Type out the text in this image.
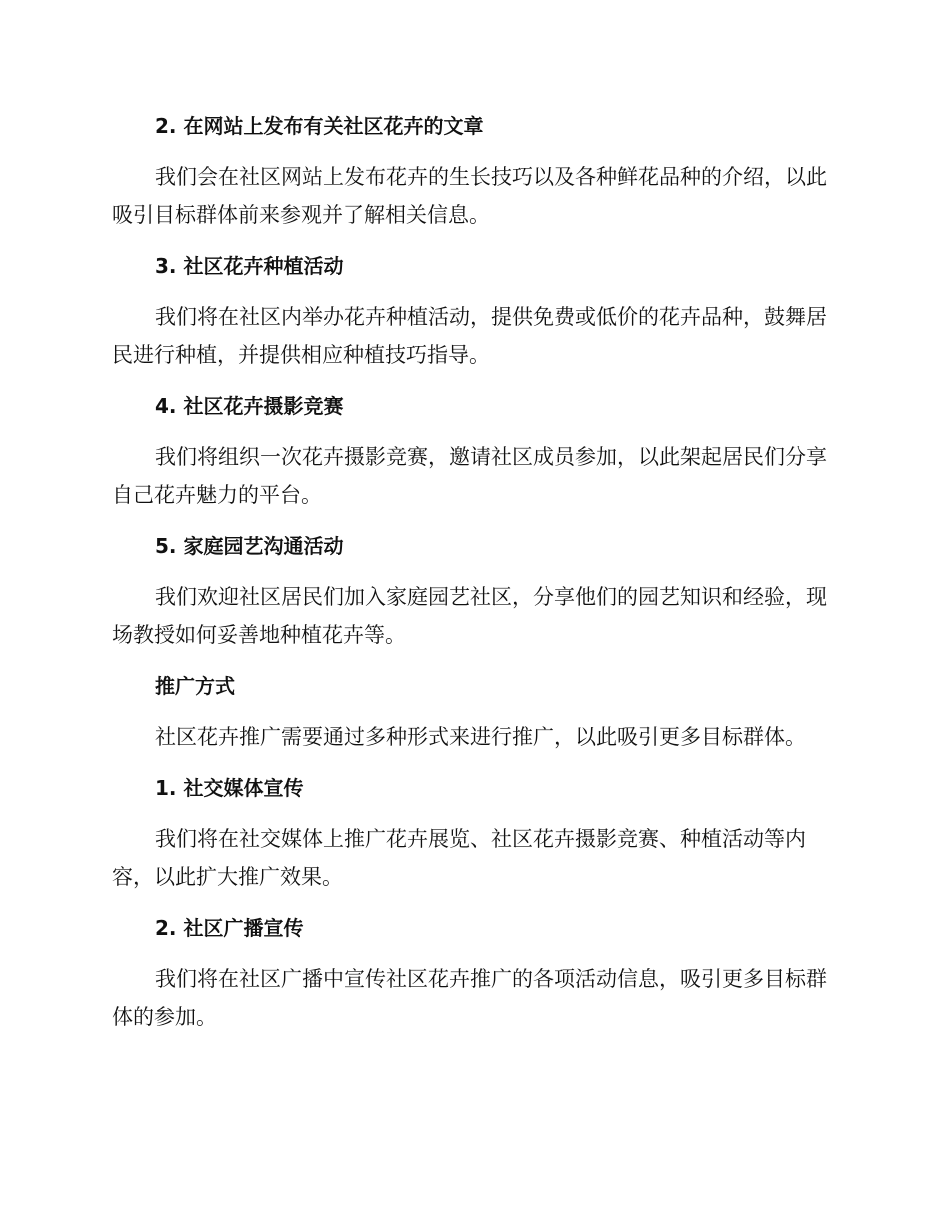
2. 在网站上发布有关社区花卉的文章

我们会在社区网站上发布花卉的生长技巧以及各种鲜花品种的介绍，以此吸引目标群体前来参观并了解相关信息。

3. 社区花卉种植活动

我们将在社区内举办花卉种植活动，提供免费或低价的花卉品种，鼓舞居民进行种植，并提供相应种植技巧指导。

4. 社区花卉摄影竞赛

我们将组织一次花卉摄影竞赛，邀请社区成员参加，以此架起居民们分享自己花卉魅力的平台。

5. 家庭园艺沟通活动

我们欢迎社区居民们加入家庭园艺社区，分享他们的园艺知识和经验，现场教授如何妥善地种植花卉等。

推广方式

社区花卉推广需要通过多种形式来进行推广，以此吸引更多目标群体。

1. 社交媒体宣传

我们将在社交媒体上推广花卉展览、社区花卉摄影竞赛、种植活动等内容，以此扩大推广效果。

2. 社区广播宣传

我们将在社区广播中宣传社区花卉推广的各项活动信息，吸引更多目标群体的参加。
